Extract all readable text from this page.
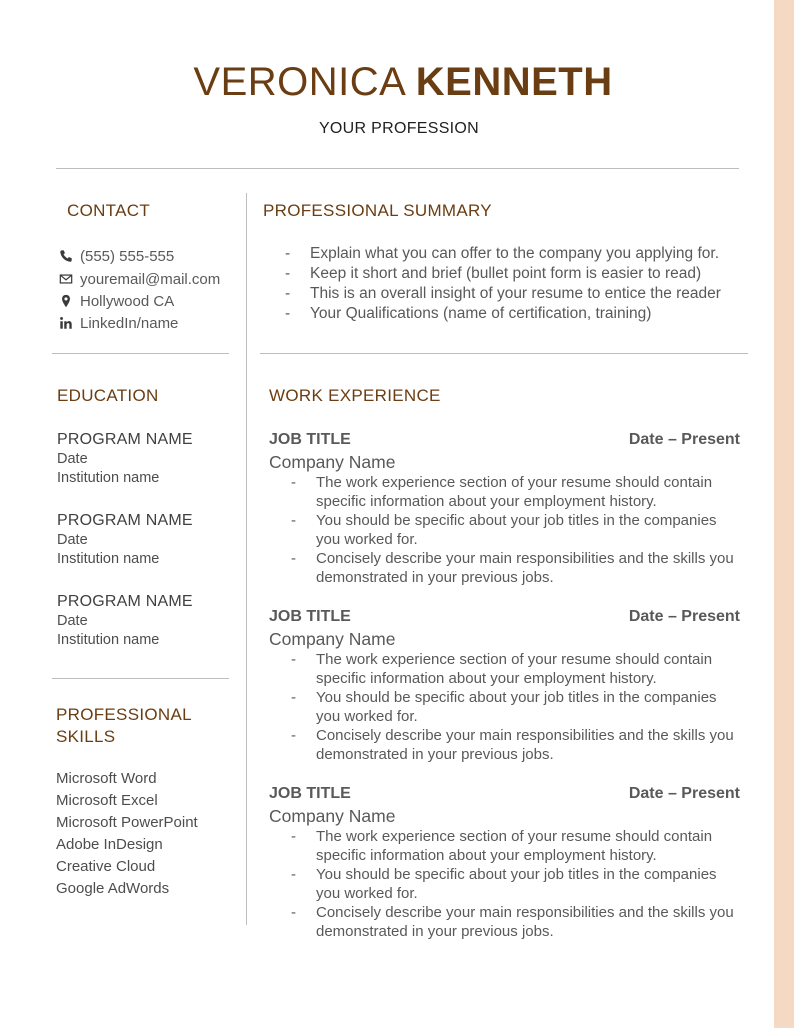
VERONICA KENNETH
YOUR PROFESSION
CONTACT
(555) 555-555
youremail@mail.com
Hollywood CA
LinkedIn/name
EDUCATION
PROGRAM NAME
Date
Institution name
PROGRAM NAME
Date
Institution name
PROGRAM NAME
Date
Institution name
PROFESSIONAL
SKILLS
Microsoft Word
Microsoft Excel
Microsoft PowerPoint
Adobe InDesign
Creative Cloud
Google AdWords
PROFESSIONAL SUMMARY
- Explain what you can offer to the company you applying for.
- Keep it short and brief (bullet point form is easier to read)
- This is an overall insight of your resume to entice the reader
- Your Qualifications (name of certification, training)
WORK EXPERIENCE
JOB TITLE	Date – Present
Company Name
- The work experience section of your resume should contain
specific information about your employment history.
- You should be specific about your job titles in the companies
you worked for.
- Concisely describe your main responsibilities and the skills you
demonstrated in your previous jobs.
JOB TITLE	Date – Present
Company Name
- The work experience section of your resume should contain
specific information about your employment history.
- You should be specific about your job titles in the companies
you worked for.
- Concisely describe your main responsibilities and the skills you
demonstrated in your previous jobs.
JOB TITLE	Date – Present
Company Name
- The work experience section of your resume should contain
specific information about your employment history.
- You should be specific about your job titles in the companies
you worked for.
- Concisely describe your main responsibilities and the skills you
demonstrated in your previous jobs.
